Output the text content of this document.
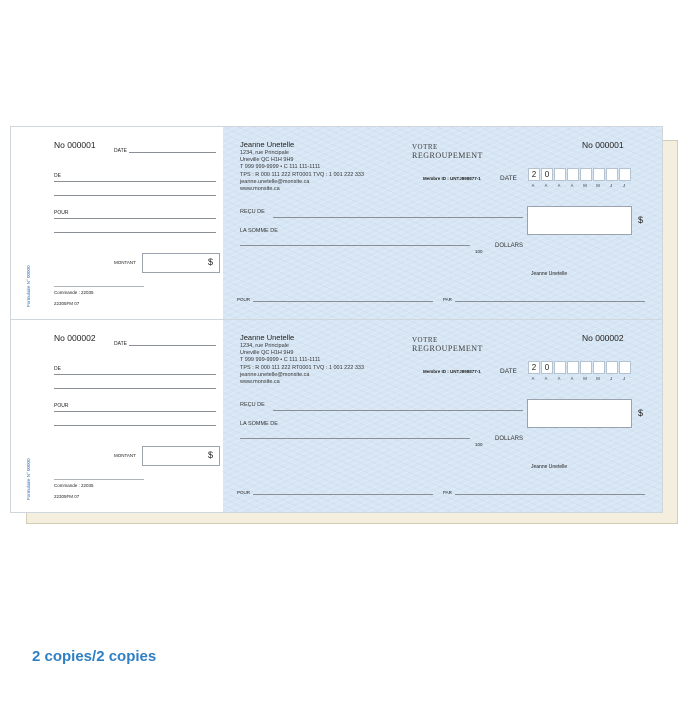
No 000001
DATE
DE
POUR
MONTANT	$
Commande : 22035
22305FM 07
Formulaire N° 00000
Jeanne Unetelle
1234, rue Principale
Uneville QC H1H 9H9
T 999 999-9999 • C 111 111-1111
TPS : R 000 111 222 RT0001 TVQ : 1 001 222 333
jeanne.unetelle@monsite.ca
www.monsite.ca
VOTRE
REGROUPEMENT
Membre ID : UNTJ898877-1
No 000001
DATE	2	0
A	A	A	A	M	M	J	J
REÇU DE
$
LA SOMME DE
100
DOLLARS
Jeanne Unetelle
POUR	PAR
No 000002
DATE
DE
POUR
MONTANT	$
Commande : 22035
22305FM 07
Formulaire N° 00000
Jeanne Unetelle
1234, rue Principale
Uneville QC H1H 9H9
T 999 999-9999 • C 111 111-1111
TPS : R 000 111 222 RT0001 TVQ : 1 001 222 333
jeanne.unetelle@monsite.ca
www.monsite.ca
VOTRE
REGROUPEMENT
Membre ID : UNTJ898877-1
No 000002
DATE	2	0
A	A	A	A	M	M	J	J
REÇU DE
$
LA SOMME DE
100
DOLLARS
Jeanne Unetelle
POUR	PAR
2 copies/2 copies
